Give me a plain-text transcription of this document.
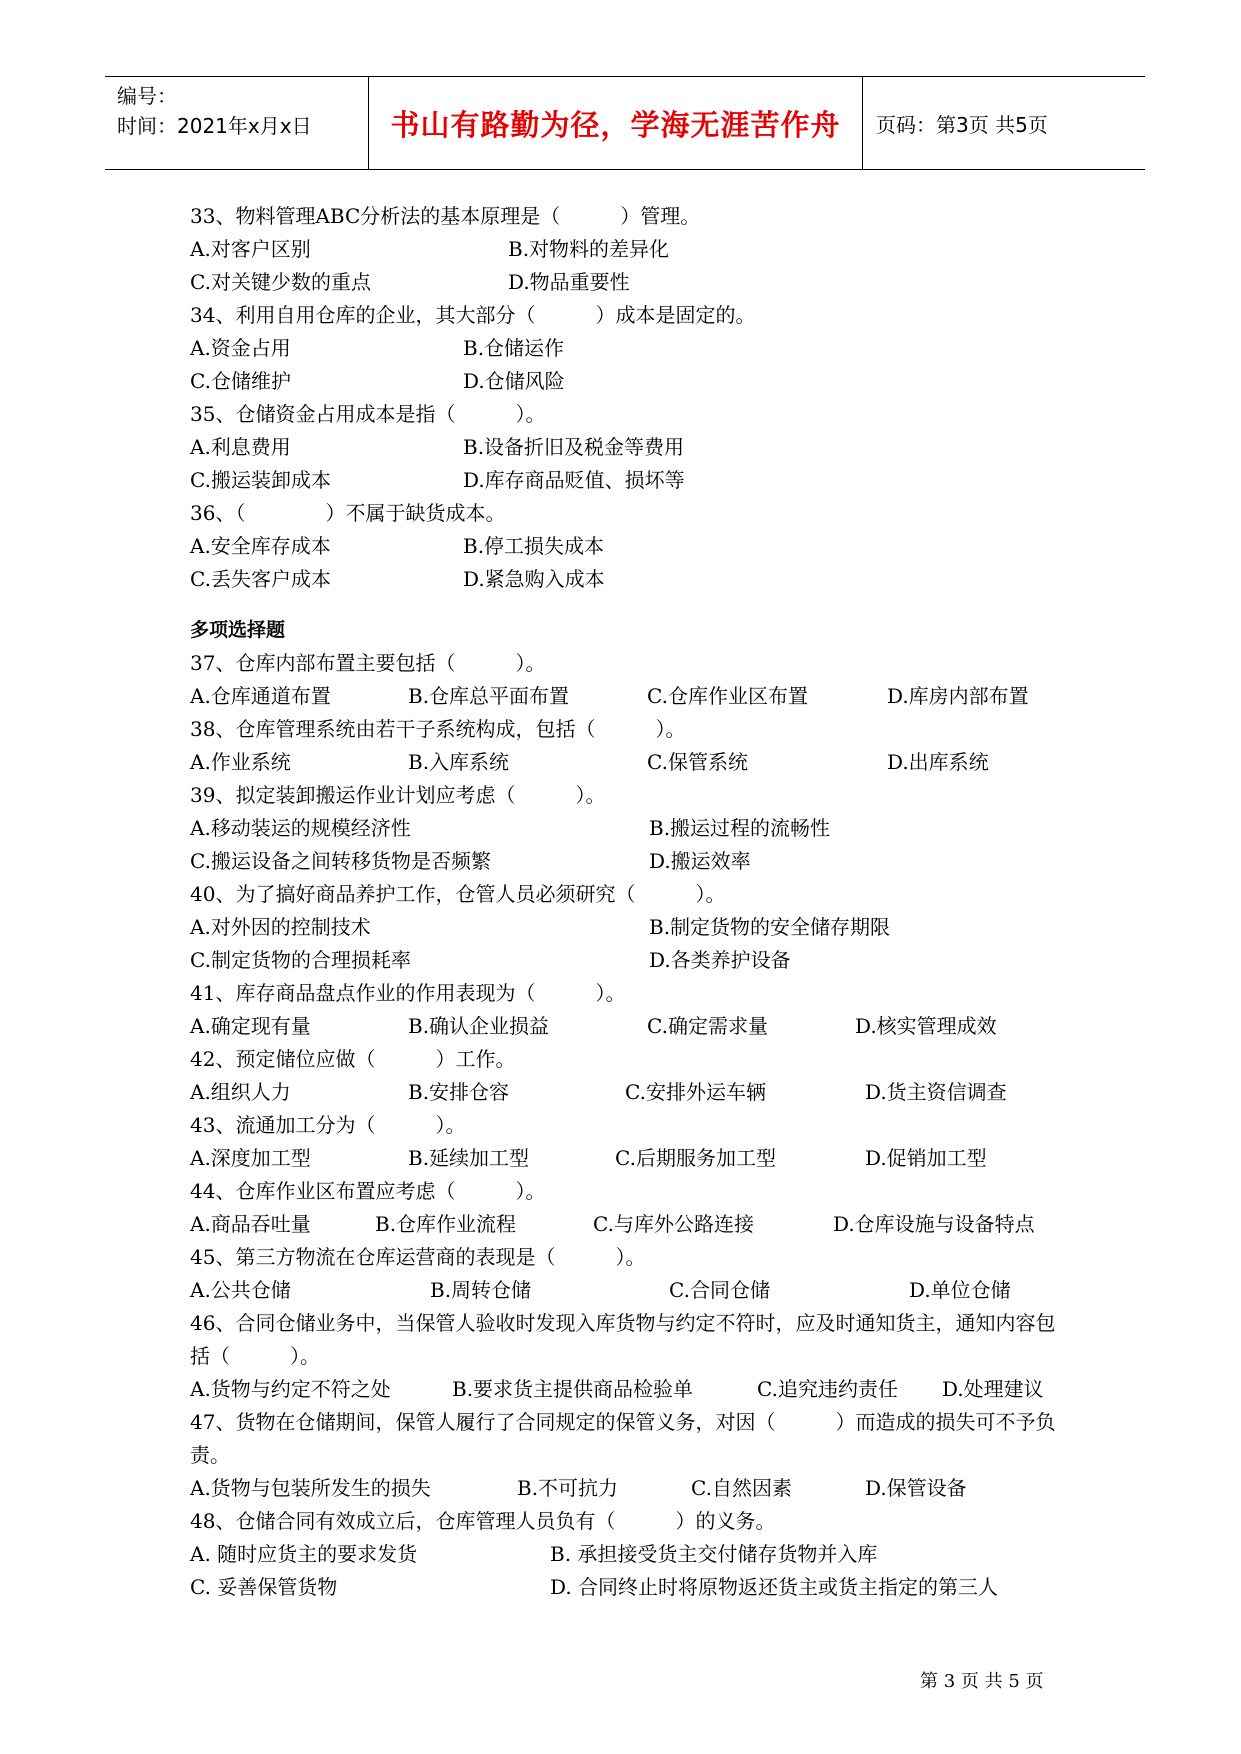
编号：
时间：2021年x月x日	书山有路勤为径，学海无涯苦作舟	页码：第3页 共5页
33、物料管理ABC分析法的基本原理是（　　　）管理。
A.对客户区别	B.对物料的差异化
C.对关键少数的重点	D.物品重要性
34、利用自用仓库的企业，其大部分（　　　）成本是固定的。
A.资金占用	B.仓储运作
C.仓储维护	D.仓储风险
35、仓储资金占用成本是指（　　　）。
A.利息费用	B.设备折旧及税金等费用
C.搬运装卸成本	D.库存商品贬值、损坏等
36、（　　　　）不属于缺货成本。
A.安全库存成本	B.停工损失成本
C.丢失客户成本	D.紧急购入成本
多项选择题
37、仓库内部布置主要包括（　　　）。
A.仓库通道布置	B.仓库总平面布置	C.仓库作业区布置	D.库房内部布置
38、仓库管理系统由若干子系统构成，包括（　　　）。
A.作业系统	B.入库系统	C.保管系统	D.出库系统
39、拟定装卸搬运作业计划应考虑（　　　）。
A.移动装运的规模经济性	B.搬运过程的流畅性
C.搬运设备之间转移货物是否频繁	D.搬运效率
40、为了搞好商品养护工作，仓管人员必须研究（　　　）。
A.对外因的控制技术	B.制定货物的安全储存期限
C.制定货物的合理损耗率	D.各类养护设备
41、库存商品盘点作业的作用表现为（　　　）。
A.确定现有量	B.确认企业损益	C.确定需求量	D.核实管理成效
42、预定储位应做（　　　）工作。
A.组织人力	B.安排仓容	C.安排外运车辆	D.货主资信调查
43、流通加工分为（　　　）。
A.深度加工型	B.延续加工型	C.后期服务加工型	D.促销加工型
44、仓库作业区布置应考虑（　　　）。
A.商品吞吐量	B.仓库作业流程	C.与库外公路连接	D.仓库设施与设备特点
45、第三方物流在仓库运营商的表现是（　　　）。
A.公共仓储	B.周转仓储	C.合同仓储	D.单位仓储
46、合同仓储业务中，当保管人验收时发现入库货物与约定不符时，应及时通知货主，通知内容包括（　　　）。
A.货物与约定不符之处	B.要求货主提供商品检验单	C.追究违约责任 D.处理建议
47、货物在仓储期间，保管人履行了合同规定的保管义务，对因（　　　）而造成的损失可不予负责。
A.货物与包装所发生的损失	B.不可抗力	C.自然因素	D.保管设备
48、仓储合同有效成立后，仓库管理人员负有（　　　）的义务。
A. 随时应货主的要求发货	B. 承担接受货主交付储存货物并入库
C. 妥善保管货物	D. 合同终止时将原物返还货主或货主指定的第三人
第 3 页 共 5 页
